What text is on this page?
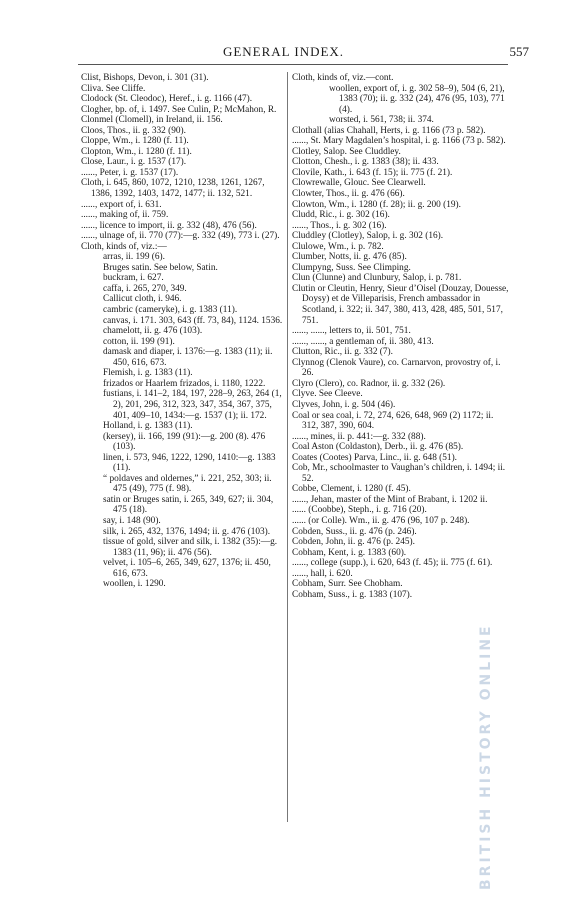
GENERAL INDEX.	557
Clist, Bishops, Devon, i. 301 (31).
Cliva. See Cliffe.
Clodock (St. Cleodoc), Heref., i. g. 1166 (47).
Clogher, bp. of, i. 1497. See Culin, P.; McMahon, R.
Clonmel (Clomell), in Ireland, ii. 156.
Cloos, Thos., ii. g. 332 (90).
Cloppe, Wm., i. 1280 (f. 11).
Clopton, Wm., i. 1280 (f. 11).
Close, Laur., i. g. 1537 (17).
......, Peter, i. g. 1537 (17).
Cloth, i. 645, 860, 1072, 1210, 1238, 1261, 1267, 1386, 1392, 1403, 1472, 1477; ii. 132, 521.
......, export of, i. 631.
......, making of, ii. 759.
......, licence to import, ii. g. 332 (48), 476 (56).
......, ulnage of, ii. 770 (77):—g. 332 (49), 773 i. (27).
Cloth, kinds of, viz.:—
arras, ii. 199 (6).
Bruges satin. See below, Satin.
buckram, i. 627.
caffa, i. 265, 270, 349.
Callicut cloth, i. 946.
cambric (cameryke), i. g. 1383 (11).
canvas, i. 171. 303, 643 (ff. 73, 84), 1124. 1536.
chamelott, ii. g. 476 (103).
cotton, ii. 199 (91).
damask and diaper, i. 1376:—g. 1383 (11); ii. 450, 616, 673.
Flemish, i. g. 1383 (11).
frizados or Haarlem frizados, i. 1180, 1222.
fustians, i. 141–2, 184, 197, 228–9, 263, 264 (1, 2), 201, 296, 312, 323, 347, 354, 367, 375, 401, 409–10, 1434:—g. 1537 (1); ii. 172.
Holland, i. g. 1383 (11).
(kersey), ii. 166, 199 (91):—g. 200 (8). 476 (103).
linen, i. 573, 946, 1222, 1290, 1410:—g. 1383 (11).
“ poldaves and oldernes,” i. 221, 252, 303; ii. 475 (49), 775 (f. 98).
satin or Bruges satin, i. 265, 349, 627; ii. 304, 475 (18).
say, i. 148 (90).
silk, i. 265, 432, 1376, 1494; ii. g. 476 (103).
tissue of gold, silver and silk, i. 1382 (35):—g. 1383 (11, 96); ii. 476 (56).
velvet, i. 105–6, 265, 349, 627, 1376; ii. 450, 616, 673.
woollen, i. 1290.
Cloth, kinds of, viz.—cont.
woollen, export of, i. g. 302 58–9), 504 (6, 21), 1383 (70); ii. g. 332 (24), 476 (95, 103), 771 (4).
worsted, i. 561, 738; ii. 374.
Clothall (alias Chahall, Herts, i. g. 1166 (73 p. 582).
......, St. Mary Magdalen’s hospital, i. g. 1166 (73 p. 582).
Clotley, Salop. See Cluddley.
Clotton, Chesh., i. g. 1383 (38); ii. 433.
Clovile, Kath., i. 643 (f. 15); ii. 775 (f. 21).
Clowrewalle, Glouc. See Clearwell.
Clowter, Thos., ii. g. 476 (66).
Clowton, Wm., i. 1280 (f. 28); ii. g. 200 (19).
Cludd, Ric., i. g. 302 (16).
......, Thos., i. g. 302 (16).
Cluddley (Clotley), Salop, i. g. 302 (16).
Clulowe, Wm., i. p. 782.
Clumber, Notts, ii. g. 476 (85).
Clumpyng, Suss. See Climping.
Clun (Clunne) and Clunbury, Salop, i. p. 781.
Clutin or Cleutin, Henry, Sieur d’Oisel (Douzay, Douesse, Doysy) et de Villeparisis, French ambassador in Scotland, i. 322; ii. 347, 380, 413, 428, 485, 501, 517, 751.
......, ......, letters to, ii. 501, 751.
......, ......, a gentleman of, ii. 380, 413.
Clutton, Ric., ii. g. 332 (7).
Clynnog (Clenok Vaure), co. Carnarvon, provostry of, i. 26.
Clyro (Clero), co. Radnor, ii. g. 332 (26).
Clyve. See Cleeve.
Clyves, John, i. g. 504 (46).
Coal or sea coal, i. 72, 274, 626, 648, 969 (2) 1172; ii. 312, 387, 390, 604.
......, mines, ii. p. 441:—g. 332 (88).
Coal Aston (Coldaston), Derb., ii. g. 476 (85).
Coates (Cootes) Parva, Linc., ii. g. 648 (51).
Cob, Mr., schoolmaster to Vaughan’s children, i. 1494; ii. 52.
Cobbe, Clement, i. 1280 (f. 45).
......, Jehan, master of the Mint of Brabant, i. 1202 ii.
...... (Coobbe), Steph., i. g. 716 (20).
...... (or Colle). Wm., ii. g. 476 (96, 107 p. 248).
Cobden, Suss., ii. g. 476 (p. 246).
Cobden, John, ii. g. 476 (p. 245).
Cobham, Kent, i. g. 1383 (60).
......, college (supp.), i. 620, 643 (f. 45); ii. 775 (f. 61).
......, hall, i. 620.
Cobham, Surr. See Chobham.
Cobham, Suss., i. g. 1383 (107).
BRITISH HISTORY ONLINE
